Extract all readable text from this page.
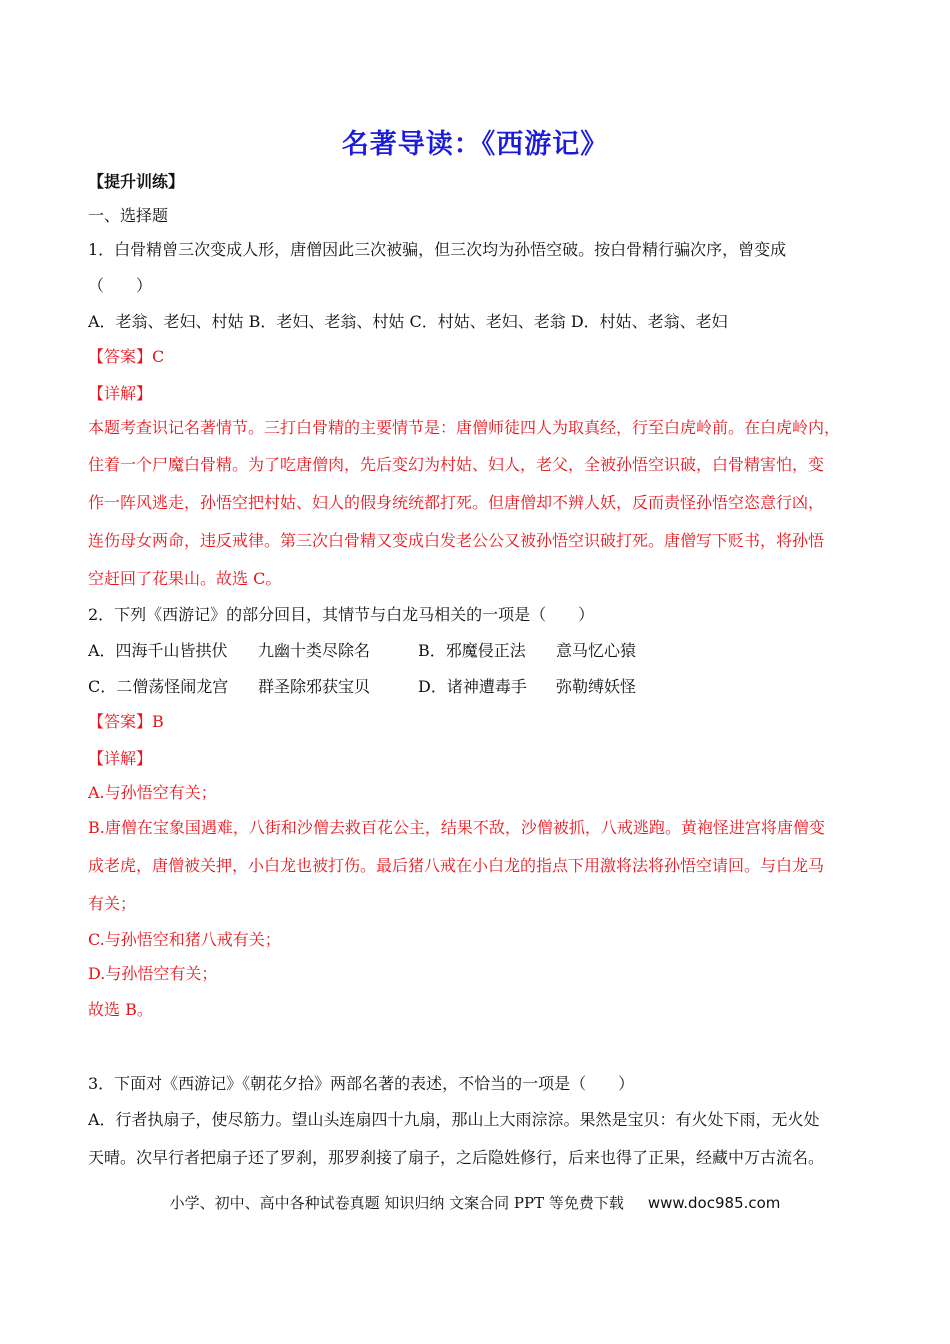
名著导读：《西游记》
【提升训练】
一、选择题
1．白骨精曾三次变成人形，唐僧因此三次被骗，但三次均为孙悟空破。按白骨精行骗次序，曾变成
（　　）
A．老翁、老妇、村姑 B．老妇、老翁、村姑 C．村姑、老妇、老翁 D．村姑、老翁、老妇
【答案】C
【详解】
本题考查识记名著情节。三打白骨精的主要情节是：唐僧师徒四人为取真经，行至白虎岭前。在白虎岭内，
住着一个尸魔白骨精。为了吃唐僧肉，先后变幻为村姑、妇人，老父，全被孙悟空识破，白骨精害怕，变
作一阵风逃走，孙悟空把村姑、妇人的假身统统都打死。但唐僧却不辨人妖，反而责怪孙悟空恣意行凶，
连伤母女两命，违反戒律。第三次白骨精又变成白发老公公又被孙悟空识破打死。唐僧写下贬书，将孙悟
空赶回了花果山。故选 C。
2．下列《西游记》的部分回目，其情节与白龙马相关的一项是（　　）
A．四海千山皆拱伏 九幽十类尽除名	B．邪魔侵正法 意马忆心猿
C．二僧荡怪闹龙宫 群圣除邪获宝贝	D．诸神遭毒手 弥勒缚妖怪
【答案】B
【详解】
A.与孙悟空有关；
B.唐僧在宝象国遇难，八街和沙僧去救百花公主，结果不敌，沙僧被抓，八戒逃跑。黄袍怪进宫将唐僧变
成老虎，唐僧被关押，小白龙也被打伤。最后猪八戒在小白龙的指点下用激将法将孙悟空请回。与白龙马
有关；
C.与孙悟空和猪八戒有关；
D.与孙悟空有关；
故选 B。
3．下面对《西游记》《朝花夕拾》两部名著的表述，不恰当的一项是（　　）
A．行者执扇子，使尽筋力。望山头连扇四十九扇，那山上大雨淙淙。果然是宝贝：有火处下雨，无火处
天晴。次早行者把扇子还了罗刹，那罗刹接了扇子，之后隐姓修行，后来也得了正果，经藏中万古流名。
小学、初中、高中各种试卷真题 知识归纳 文案合同 PPT 等免费下载 www.doc985.com
